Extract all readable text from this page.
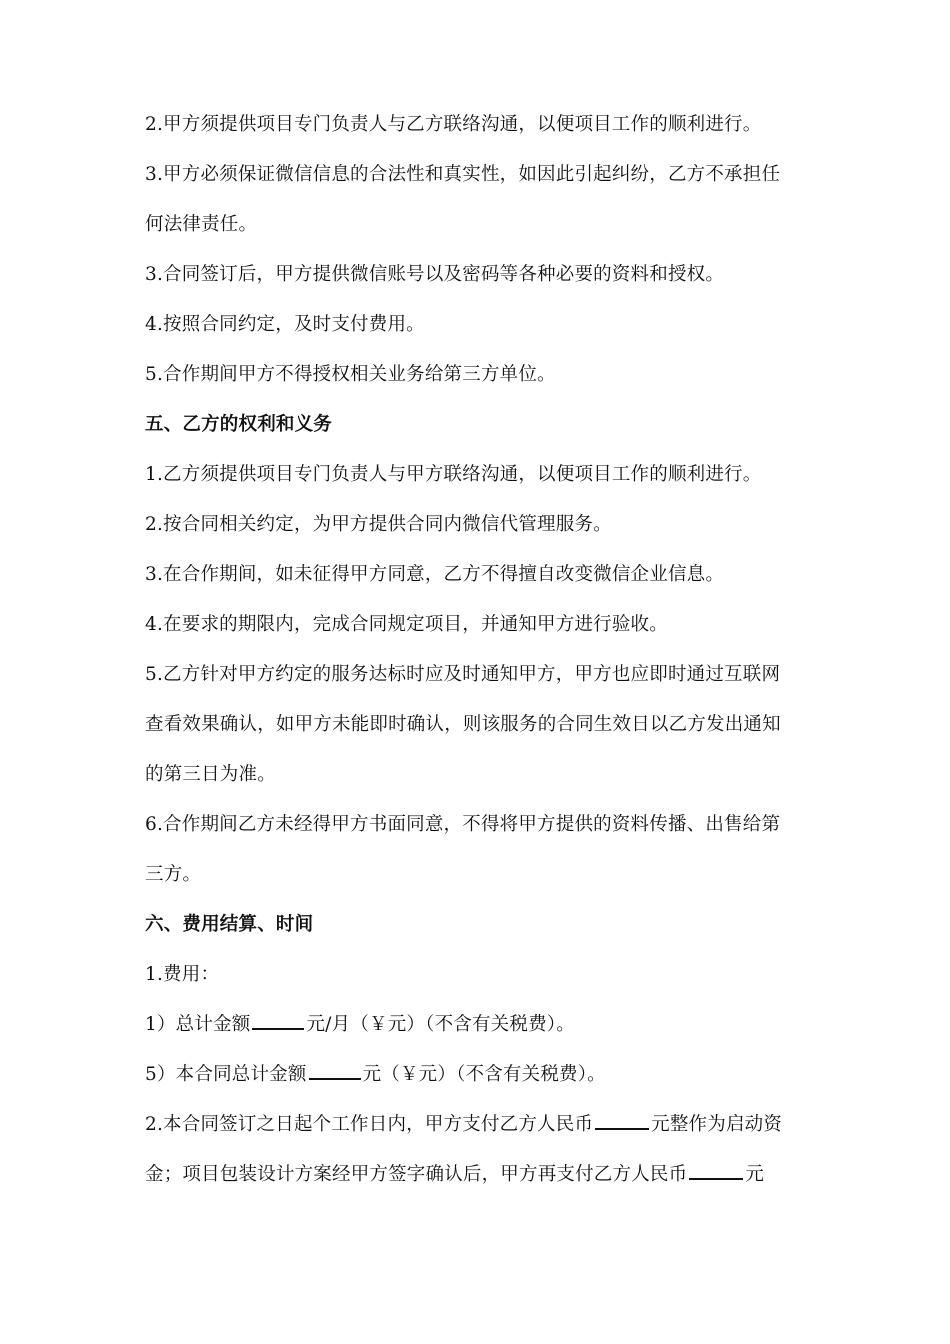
2.甲方须提供项目专门负责人与乙方联络沟通，以便项目工作的顺利进行。
3.甲方必须保证微信信息的合法性和真实性，如因此引起纠纷，乙方不承担任
何法律责任。
3.合同签订后，甲方提供微信账号以及密码等各种必要的资料和授权。
4.按照合同约定，及时支付费用。
5.合作期间甲方不得授权相关业务给第三方单位。
五、乙方的权利和义务
1.乙方须提供项目专门负责人与甲方联络沟通，以便项目工作的顺利进行。
2.按合同相关约定，为甲方提供合同内微信代管理服务。
3.在合作期间，如未征得甲方同意，乙方不得擅自改变微信企业信息。
4.在要求的期限内，完成合同规定项目，并通知甲方进行验收。
5.乙方针对甲方约定的服务达标时应及时通知甲方，甲方也应即时通过互联网
查看效果确认，如甲方未能即时确认，则该服务的合同生效日以乙方发出通知
的第三日为准。
6.合作期间乙方未经得甲方书面同意，不得将甲方提供的资料传播、出售给第
三方。
六、费用结算、时间
1.费用：
1）总计金额	元/月（￥元）（不含有关税费）。
5）本合同总计金额	元（￥元）（不含有关税费）。
2.本合同签订之日起个工作日内，甲方支付乙方人民币	元整作为启动资
金；项目包装设计方案经甲方签字确认后，甲方再支付乙方人民币	元
